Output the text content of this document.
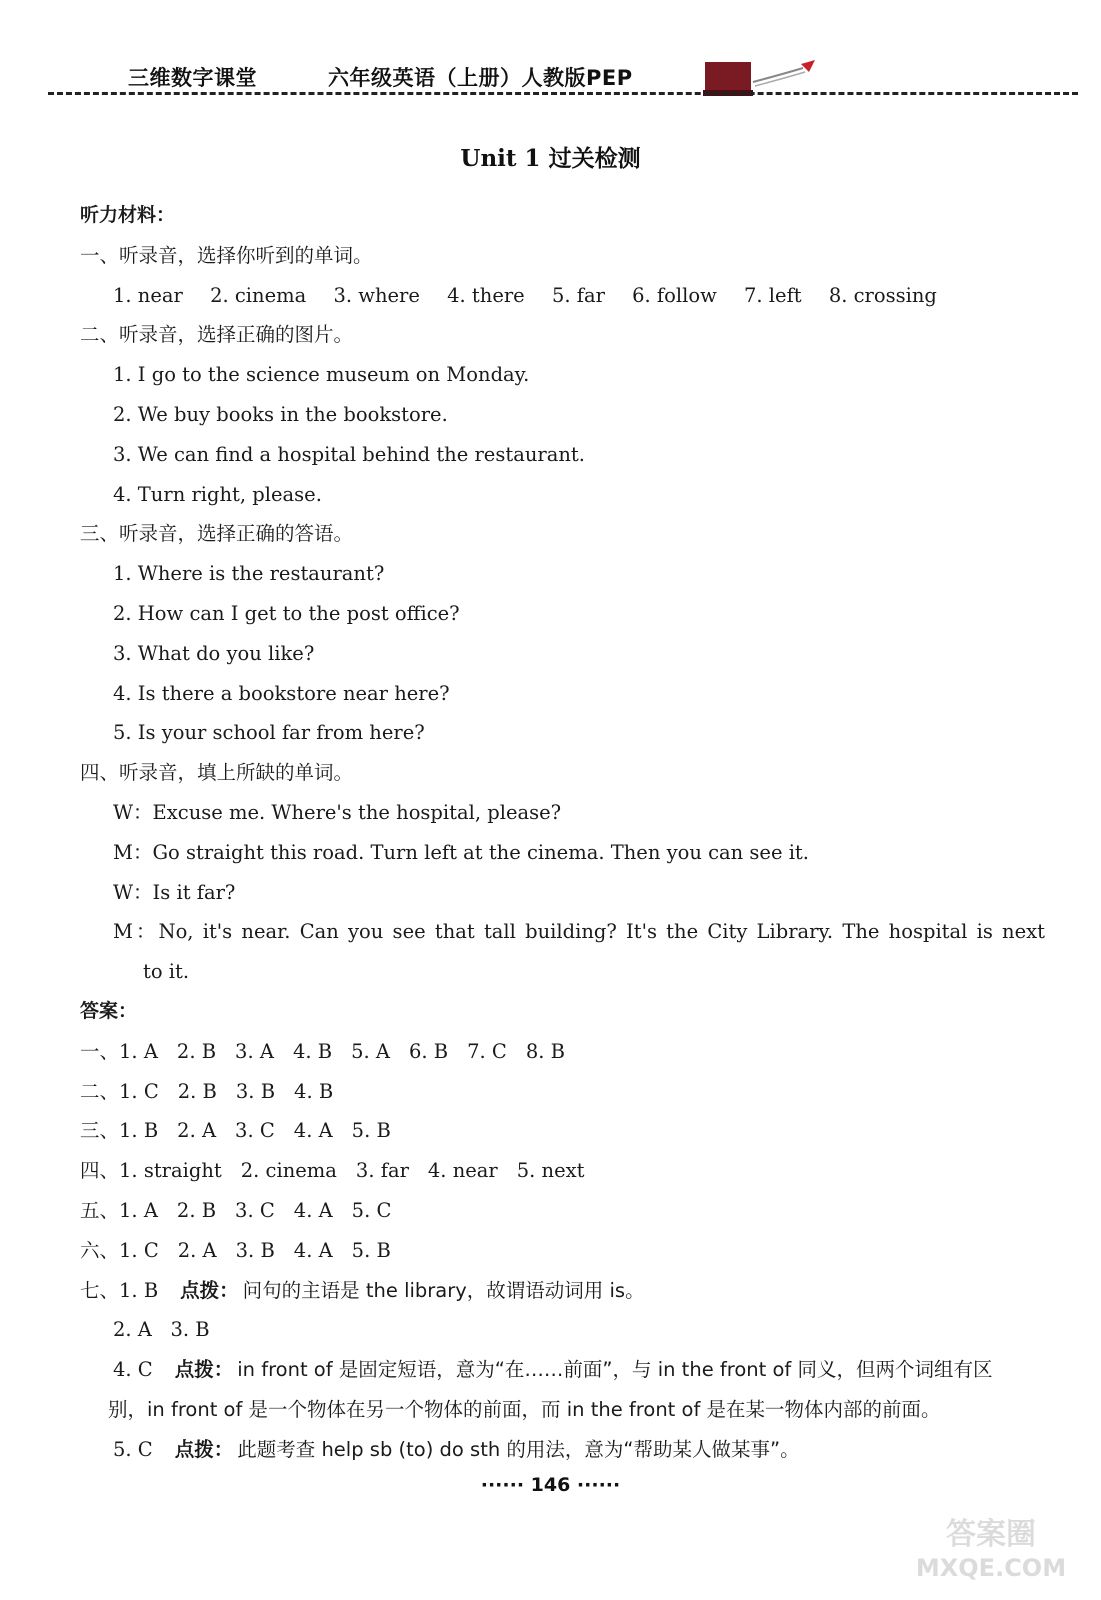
三维数字课堂	六年级英语（上册）人教版PEP
Unit 1 过关检测
听力材料：
一、听录音，选择你听到的单词。
1. near 2. cinema 3. where 4. there 5. far 6. follow 7. left 8. crossing
二、听录音，选择正确的图片。
1. I go to the science museum on Monday.
2. We buy books in the bookstore.
3. We can find a hospital behind the restaurant.
4. Turn right, please.
三、听录音，选择正确的答语。
1. Where is the restaurant?
2. How can I get to the post office?
3. What do you like?
4. Is there a bookstore near here?
5. Is your school far from here?
四、听录音，填上所缺的单词。
W：Excuse me. Where's the hospital, please?
M：Go straight this road. Turn left at the cinema. Then you can see it.
W：Is it far?
M：No, it's near. Can you see that tall building? It's the City Library. The hospital is next
to it.
答案：
一、1. A 2. B 3. A 4. B 5. A 6. B 7. C 8. B
二、1. C 2. B 3. B 4. B
三、1. B 2. A 3. C 4. A 5. B
四、1. straight 2. cinema 3. far 4. near 5. next
五、1. A 2. B 3. C 4. A 5. C
六、1. C 2. A 3. B 4. A 5. B
七、1. B 点拨： 问句的主语是 the library，故谓语动词用 is。
2. A   3. B
4. C 点拨： in front of 是固定短语，意为“在……前面”，与 in the front of 同义，但两个词组有区
别，in front of 是一个物体在另一个物体的前面，而 in the front of 是在某一物体内部的前面。
5. C 点拨： 此题考查 help sb (to) do sth 的用法，意为“帮助某人做某事”。
······ 146 ······
答案圈
MXQE.COM
